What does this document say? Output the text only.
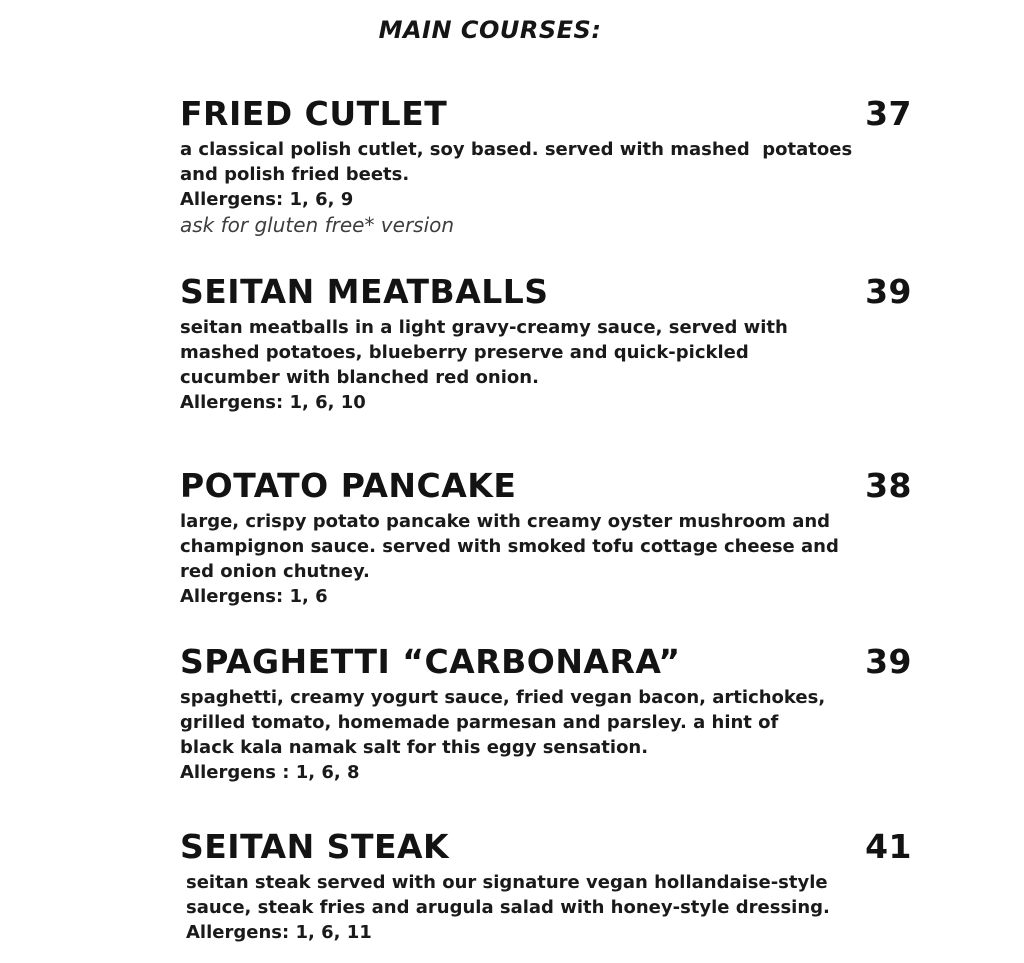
MAIN COURSES:
FRIED CUTLET	37
a classical polish cutlet, soy based. served with mashed  potatoes
and polish fried beets.
Allergens: 1, 6, 9
ask for gluten free* version
SEITAN MEATBALLS	39
seitan meatballs in a light gravy-creamy sauce, served with
mashed potatoes, blueberry preserve and quick-pickled
cucumber with blanched red onion.
Allergens: 1, 6, 10
POTATO PANCAKE	38
large, crispy potato pancake with creamy oyster mushroom and
champignon sauce. served with smoked tofu cottage cheese and
red onion chutney.
Allergens: 1, 6
SPAGHETTI “CARBONARA”	39
spaghetti, creamy yogurt sauce, fried vegan bacon, artichokes,
grilled tomato, homemade parmesan and parsley. a hint of
black kala namak salt for this eggy sensation.
Allergens : 1, 6, 8
SEITAN STEAK	41
seitan steak served with our signature vegan hollandaise-style
sauce, steak fries and arugula salad with honey-style dressing.
Allergens: 1, 6, 11
